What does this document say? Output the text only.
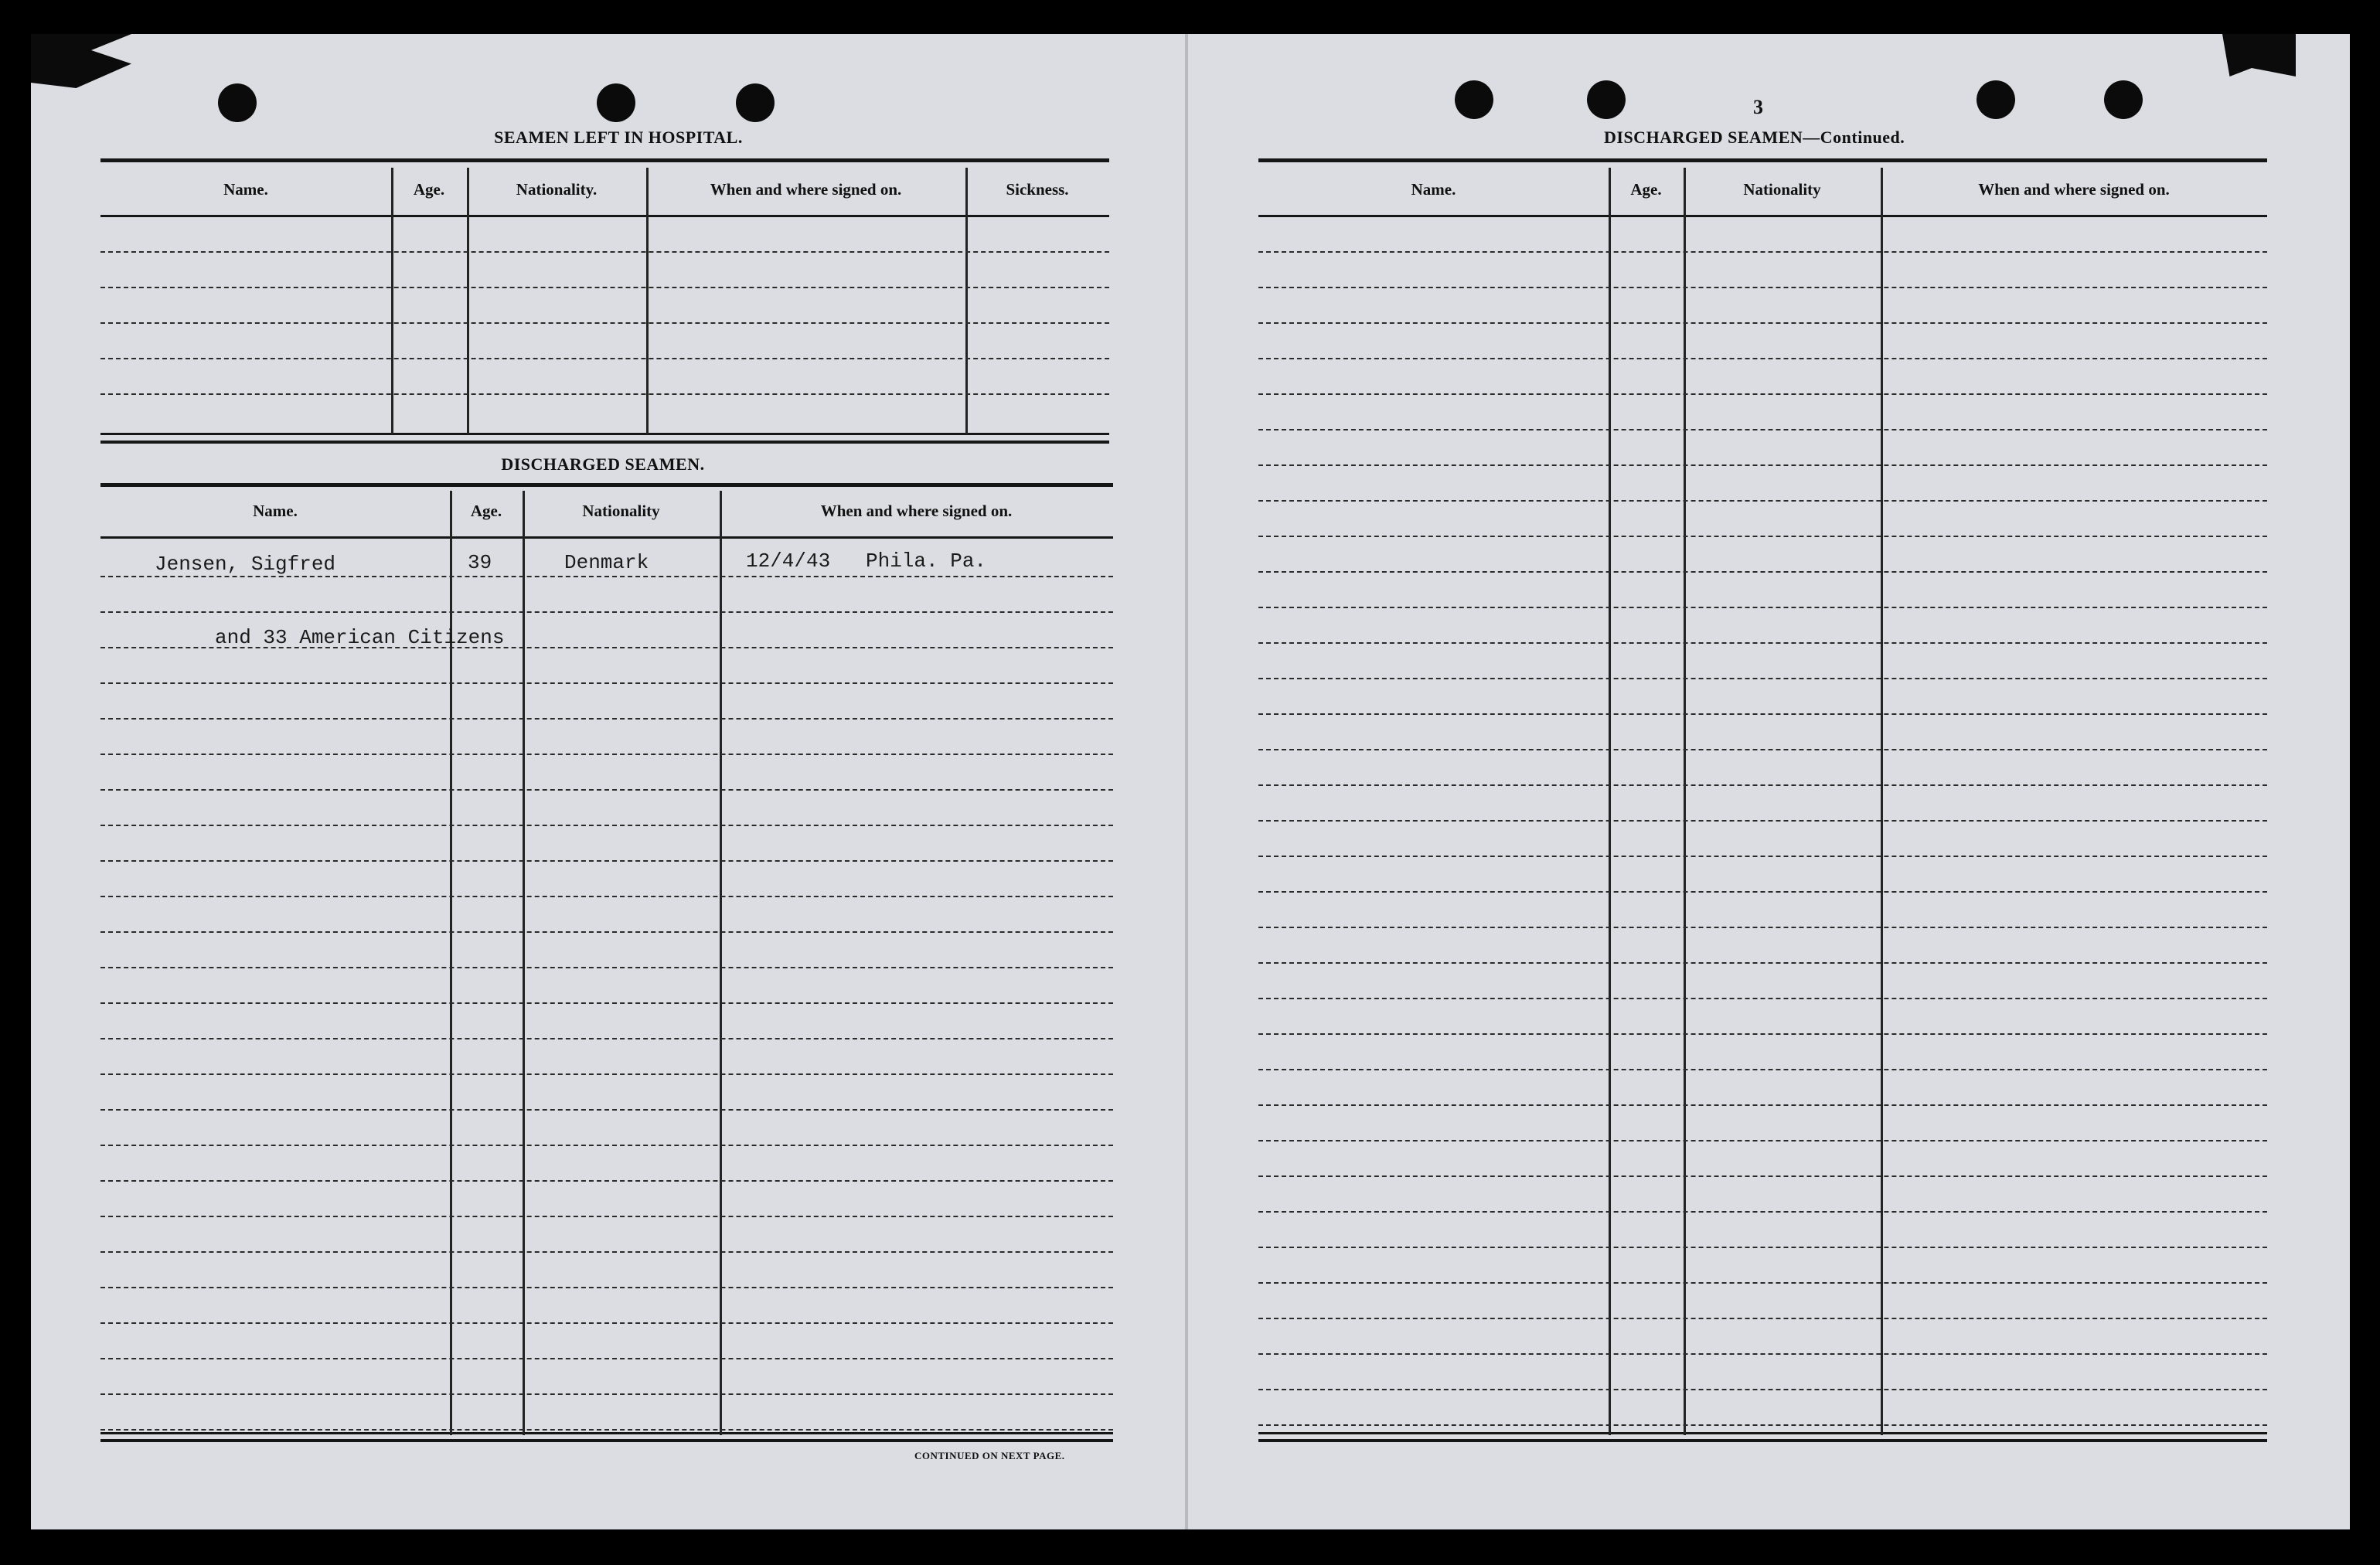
SEAMEN LEFT IN HOSPITAL.
Name.	Age.	Nationality.	When and where signed on.	Sickness.
DISCHARGED SEAMEN.
Name.	Age.	Nationality	When and where signed on.
Jensen, Sigfred	39	Denmark	12/4/43 Phila. Pa.
and 33 American Citizens
CONTINUED ON NEXT PAGE.
3
DISCHARGED SEAMEN—Continued.
Name.	Age.	Nationality	When and where signed on.
